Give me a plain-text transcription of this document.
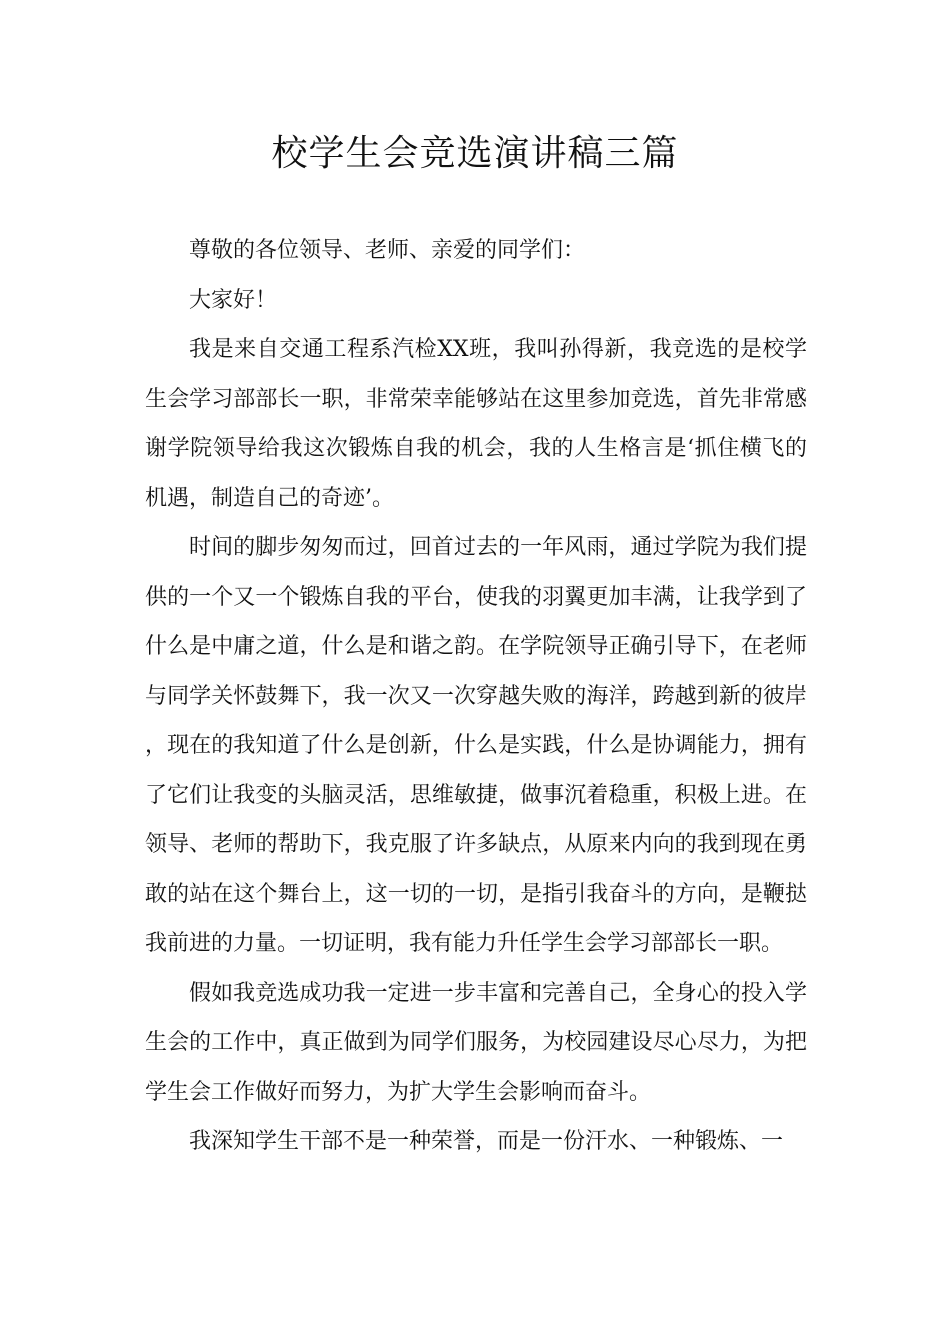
校学生会竞选演讲稿三篇

尊敬的各位领导、老师、亲爱的同学们：

大家好！

我是来自交通工程系汽检XX班，我叫孙得新，我竞选的是校学生会学习部部长一职，非常荣幸能够站在这里参加竞选，首先非常感谢学院领导给我这次锻炼自我的机会，我的人生格言是‘抓住横飞的机遇，制造自己的奇迹’。

时间的脚步匆匆而过，回首过去的一年风雨，通过学院为我们提供的一个又一个锻炼自我的平台，使我的羽翼更加丰满，让我学到了什么是中庸之道，什么是和谐之韵。在学院领导正确引导下，在老师与同学关怀鼓舞下，我一次又一次穿越失败的海洋，跨越到新的彼岸，现在的我知道了什么是创新，什么是实践，什么是协调能力，拥有了它们让我变的头脑灵活，思维敏捷，做事沉着稳重，积极上进。在领导、老师的帮助下，我克服了许多缺点，从原来内向的我到现在勇敢的站在这个舞台上，这一切的一切，是指引我奋斗的方向，是鞭挞我前进的力量。一切证明，我有能力升任学生会学习部部长一职。

假如我竞选成功我一定进一步丰富和完善自己，全身心的投入学生会的工作中，真正做到为同学们服务，为校园建设尽心尽力，为把学生会工作做好而努力，为扩大学生会影响而奋斗。

我深知学生干部不是一种荣誉，而是一份汗水、一种锻炼、一
